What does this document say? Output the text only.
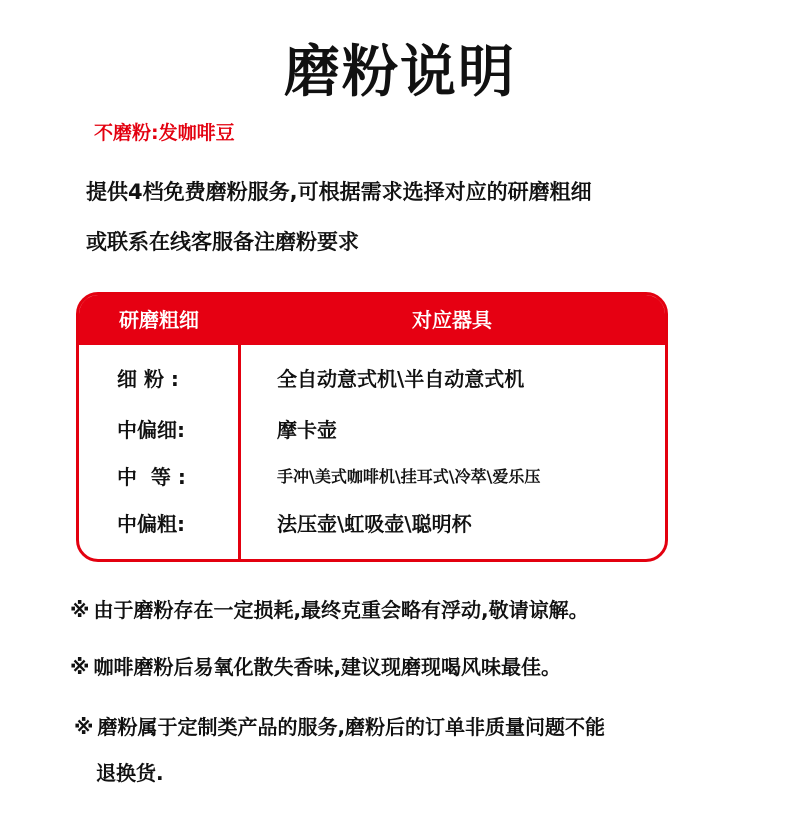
磨粉说明
不磨粉:发咖啡豆
提供4档免费磨粉服务,可根据需求选择对应的研磨粗细
或联系在线客服备注磨粉要求
研磨粗细	对应器具
细 粉 :	全自动意式机\半自动意式机
中偏细:	摩卡壶
中  等 :	手冲\美式咖啡机\挂耳式\冷萃\爱乐压
中偏粗:	法压壶\虹吸壶\聪明杯
※ 由于磨粉存在一定损耗,最终克重会略有浮动,敬请谅解。
※ 咖啡磨粉后易氧化散失香味,建议现磨现喝风味最佳。
※ 磨粉属于定制类产品的服务,磨粉后的订单非质量问题不能
退换货.
